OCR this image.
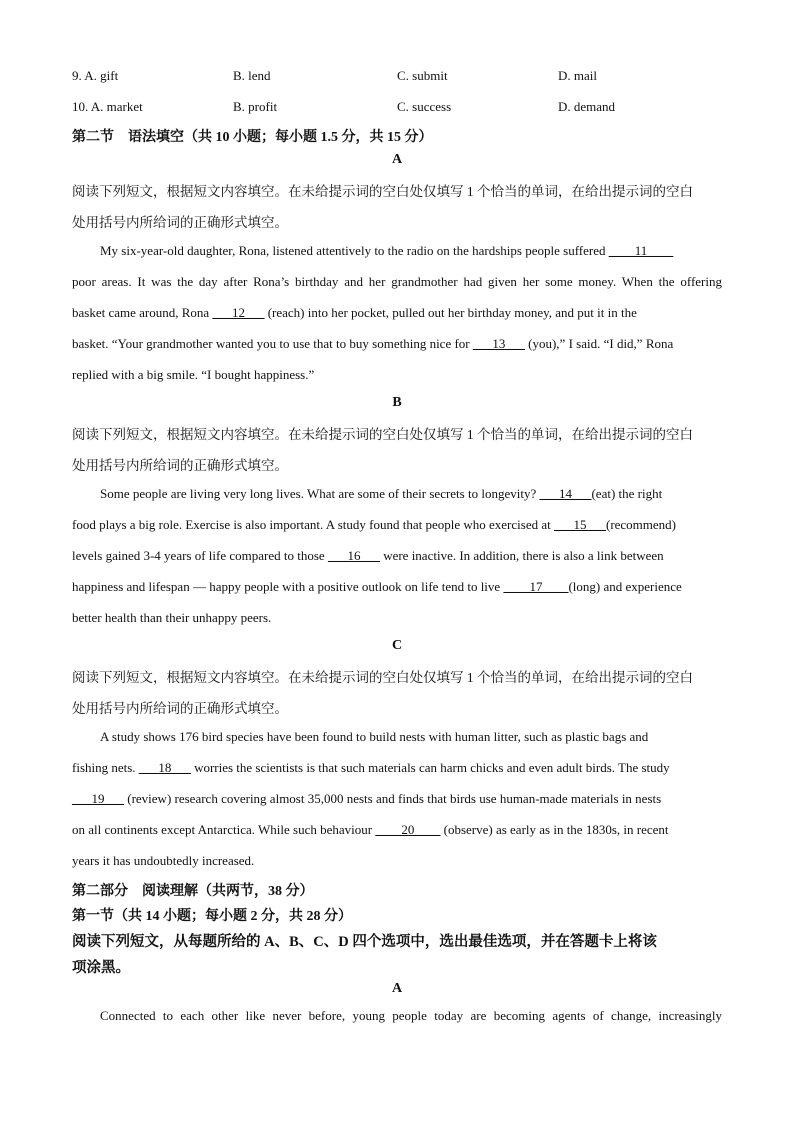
9. A. gift	B. lend	C. submit	D. mail
10. A. market	B. profit	C. success	D. demand
第二节　语法填空（共 10 小题；每小题 1.5 分，共 15 分）
A
阅读下列短文，根据短文内容填空。在未给提示词的空白处仅填写 1 个恰当的单词，在给出提示词的空白
处用括号内所给词的正确形式填空。
My six-year-old daughter, Rona, listened attentively to the radio on the hardships people suffered ____11____
poor areas. It was the day after Rona’s birthday and her grandmother had given her some money. When the offering
basket came around, Rona ___12___ (reach) into her pocket, pulled out her birthday money, and put it in the
basket. “Your grandmother wanted you to use that to buy something nice for ___13___ (you),” I said. “I did,” Rona
replied with a big smile. “I bought happiness.”
B
阅读下列短文，根据短文内容填空。在未给提示词的空白处仅填写 1 个恰当的单词，在给出提示词的空白
处用括号内所给词的正确形式填空。
Some people are living very long lives. What are some of their secrets to longevity? ___14___(eat) the right
food plays a big role. Exercise is also important. A study found that people who exercised at ___15___(recommend)
levels gained 3-4 years of life compared to those ___16___ were inactive. In addition, there is also a link between
happiness and lifespan — happy people with a positive outlook on life tend to live ____17____(long) and experience
better health than their unhappy peers.
C
阅读下列短文，根据短文内容填空。在未给提示词的空白处仅填写 1 个恰当的单词，在给出提示词的空白
处用括号内所给词的正确形式填空。
A study shows 176 bird species have been found to build nests with human litter, such as plastic bags and
fishing nets. ___18___ worries the scientists is that such materials can harm chicks and even adult birds. The study
___19___ (review) research covering almost 35,000 nests and finds that birds use human-made materials in nests
on all continents except Antarctica. While such behaviour ____20____ (observe) as early as in the 1830s, in recent
years it has undoubtedly increased.
第二部分　阅读理解（共两节，38 分）
第一节（共 14 小题；每小题 2 分，共 28 分）
阅读下列短文，从每题所给的 A、B、C、D 四个选项中，选出最佳选项，并在答题卡上将该
项涂黑。
A
Connected to each other like never before, young people today are becoming agents of change, increasingly
